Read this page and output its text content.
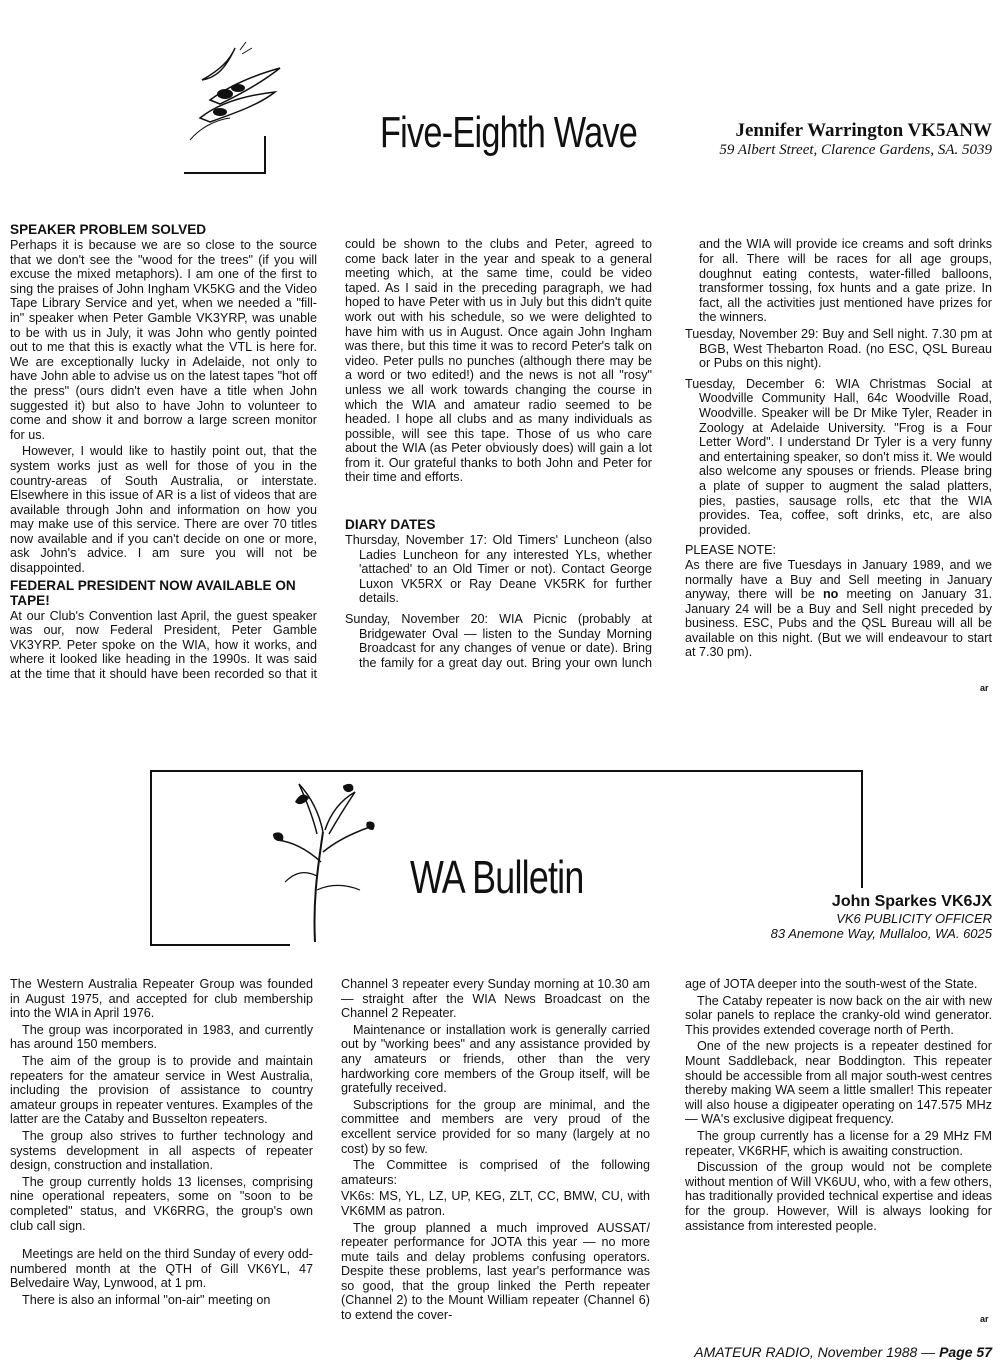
Five-Eighth Wave	Jennifer Warrington VK5ANW
59 Albert Street, Clarence Gardens, SA. 5039
SPEAKER PROBLEM SOLVED

Perhaps it is because we are so close to the source that we don't see the "wood for the trees" (if you will excuse the mixed metaphors). I am one of the first to sing the praises of John Ingham VK5KG and the Video Tape Library Service and yet, when we needed a "fill-in" speaker when Peter Gamble VK3YRP, was unable to be with us in July, it was John who gently pointed out to me that this is exactly what the VTL is here for. We are exceptionally lucky in Adelaide, not only to have John able to advise us on the latest tapes "hot off the press" (ours didn't even have a title when John suggested it) but also to have John to volunteer to come and show it and borrow a large screen monitor for us.

However, I would like to hastily point out, that the system works just as well for those of you in the country-areas of South Australia, or interstate. Elsewhere in this issue of AR is a list of videos that are available through John and information on how you may make use of this service. There are over 70 titles now available and if you can't decide on one or more, ask John's advice. I am sure you will not be disappointed.

FEDERAL PRESIDENT NOW AVAILABLE ON TAPE!

At our Club's Convention last April, the guest speaker was our, now Federal President, Peter Gamble VK3YRP. Peter spoke on the WIA, how it works, and where it looked like heading in the 1990s. It was said at the time that it should have been recorded so that it

could be shown to the clubs and Peter, agreed to come back later in the year and speak to a general meeting which, at the same time, could be video taped. As I said in the preceding paragraph, we had hoped to have Peter with us in July but this didn't quite work out with his schedule, so we were delighted to have him with us in August. Once again John Ingham was there, but this time it was to record Peter's talk on video. Peter pulls no punches (although there may be a word or two edited!) and the news is not all "rosy" unless we all work towards changing the course in which the WIA and amateur radio seemed to be headed. I hope all clubs and as many individuals as possible, will see this tape. Those of us who care about the WIA (as Peter obviously does) will gain a lot from it. Our grateful thanks to both John and Peter for their time and efforts.

DIARY DATES

Thursday, November 17: Old Timers' Luncheon (also Ladies Luncheon for any interested YLs, whether 'attached' to an Old Timer or not). Contact George Luxon VK5RX or Ray Deane VK5RK for further details.

Sunday, November 20: WIA Picnic (probably at Bridgewater Oval — listen to the Sunday Morning Broadcast for any changes of venue or date). Bring the family for a great day out. Bring your own lunch

and the WIA will provide ice creams and soft drinks for all. There will be races for all age groups, doughnut eating contests, water-filled balloons, transformer tossing, fox hunts and a gate prize. In fact, all the activities just mentioned have prizes for the winners.

Tuesday, November 29: Buy and Sell night. 7.30 pm at BGB, West Thebarton Road. (no ESC, QSL Bureau or Pubs on this night).

Tuesday, December 6: WIA Christmas Social at Woodville Community Hall, 64c Woodville Road, Woodville. Speaker will be Dr Mike Tyler, Reader in Zoology at Adelaide University. "Frog is a Four Letter Word". I understand Dr Tyler is a very funny and entertaining speaker, so don't miss it. We would also welcome any spouses or friends. Please bring a plate of supper to augment the salad platters, pies, pasties, sausage rolls, etc that the WIA provides. Tea, coffee, soft drinks, etc, are also provided.

PLEASE NOTE:

As there are five Tuesdays in January 1989, and we normally have a Buy and Sell meeting in January anyway, there will be no meeting on January 31. January 24 will be a Buy and Sell night preceded by business. ESC, Pubs and the QSL Bureau will all be available on this night. (But we will endeavour to start at 7.30 pm).

ar
WA Bulletin	John Sparkes VK6JX
VK6 PUBLICITY OFFICER
83 Anemone Way, Mullaloo, WA. 6025

The Western Australia Repeater Group was founded in August 1975, and accepted for club membership into the WIA in April 1976.

The group was incorporated in 1983, and currently has around 150 members.

The aim of the group is to provide and maintain repeaters for the amateur service in West Australia, including the provision of assistance to country amateur groups in repeater ventures. Examples of the latter are the Cataby and Busselton repeaters.

The group also strives to further technology and systems development in all aspects of repeater design, construction and installation.

The group currently holds 13 licenses, comprising nine operational repeaters, some on "soon to be completed" status, and VK6RRG, the group's own club call sign.

Meetings are held on the third Sunday of every odd-numbered month at the QTH of Gill VK6YL, 47 Belvedaire Way, Lynwood, at 1 pm.

There is also an informal "on-air" meeting on

Channel 3 repeater every Sunday morning at 10.30 am — straight after the WIA News Broadcast on the Channel 2 Repeater.

Maintenance or installation work is generally carried out by "working bees" and any assistance provided by any amateurs or friends, other than the very hardworking core members of the Group itself, will be gratefully received.

Subscriptions for the group are minimal, and the committee and members are very proud of the excellent service provided for so many (largely at no cost) by so few.

The Committee is comprised of the following amateurs:

VK6s: MS, YL, LZ, UP, KEG, ZLT, CC, BMW, CU, with VK6MM as patron.

The group planned a much improved AUSSAT/ repeater performance for JOTA this year — no more mute tails and delay problems confusing operators. Despite these problems, last year's performance was so good, that the group linked the Perth repeater (Channel 2) to the Mount William repeater (Channel 6) to extend the cover-

age of JOTA deeper into the south-west of the State.

The Cataby repeater is now back on the air with new solar panels to replace the cranky-old wind generator. This provides extended coverage north of Perth.

One of the new projects is a repeater destined for Mount Saddleback, near Boddington. This repeater should be accessible from all major south-west centres thereby making WA seem a little smaller! This repeater will also house a digipeater operating on 147.575 MHz — WA's exclusive digipeat frequency.

The group currently has a license for a 29 MHz FM repeater, VK6RHF, which is awaiting construction.

Discussion of the group would not be complete without mention of Will VK6UU, who, with a few others, has traditionally provided technical expertise and ideas for the group. However, Will is always looking for assistance from interested people.

ar
AMATEUR RADIO, November 1988 — Page 57
